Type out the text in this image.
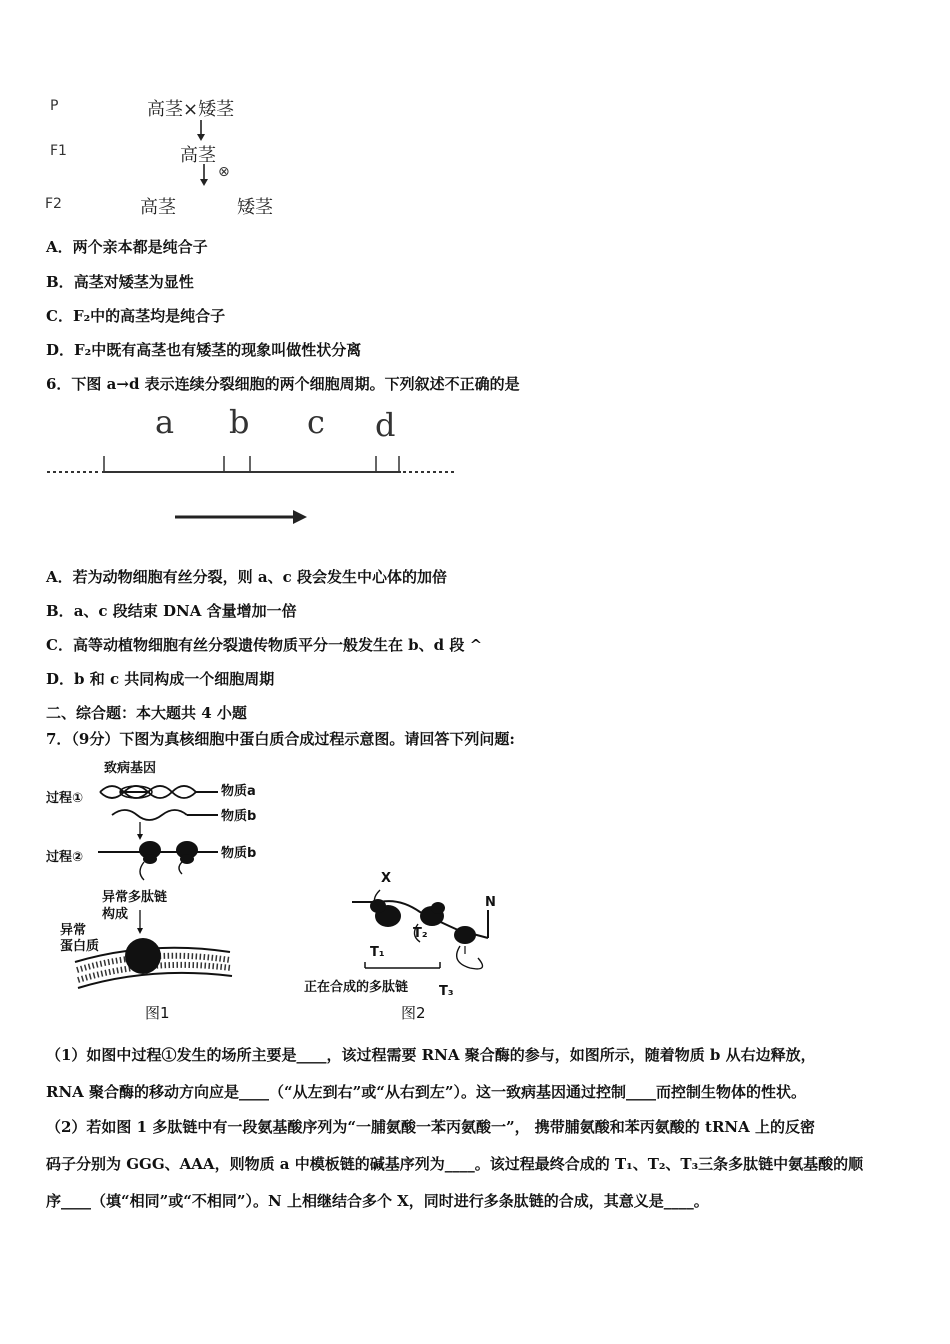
P
F1
F2
高茎×矮茎
高茎
⊗
高茎	矮茎
A．两个亲本都是纯合子
B．高茎对矮茎为显性
C．F₂中的高茎均是纯合子
D．F₂中既有高茎也有矮茎的现象叫做性状分离
6．下图 a→d 表示连续分裂细胞的两个细胞周期。下列叙述不正确的是
a b c d
A．若为动物细胞有丝分裂，则 a、c 段会发生中心体的加倍
B．a、c 段结束 DNA 含量增加一倍
C．高等动植物细胞有丝分裂遗传物质平分一般发生在 b、d 段 ^
D．b 和 c 共同构成一个细胞周期
二、综合题：本大题共 4 小题
7．（9分）下图为真核细胞中蛋白质合成过程示意图。请回答下列问题:
致病基因
过程①	物质a
物质b
过程②	物质b
异常多肽链
构成
异常
蛋白质
图1
X
N
T₁
T₂
T₃
正在合成的多肽链
图2
（1）如图中过程①发生的场所主要是____，该过程需要 RNA 聚合酶的参与，如图所示，随着物质 b 从右边释放，
RNA 聚合酶的移动方向应是____（“从左到右”或“从右到左”）。这一致病基因通过控制____而控制生物体的性状。
（2）若如图 1 多肽链中有一段氨基酸序列为“一脯氨酸一苯丙氨酸一”， 携带脯氨酸和苯丙氨酸的 tRNA 上的反密
码子分别为 GGG、AAA，则物质 a 中模板链的碱基序列为____。该过程最终合成的 T₁、T₂、T₃三条多肽链中氨基酸的顺
序____（填“相同”或“不相同”）。N 上相继结合多个 X，同时进行多条肽链的合成，其意义是____。
